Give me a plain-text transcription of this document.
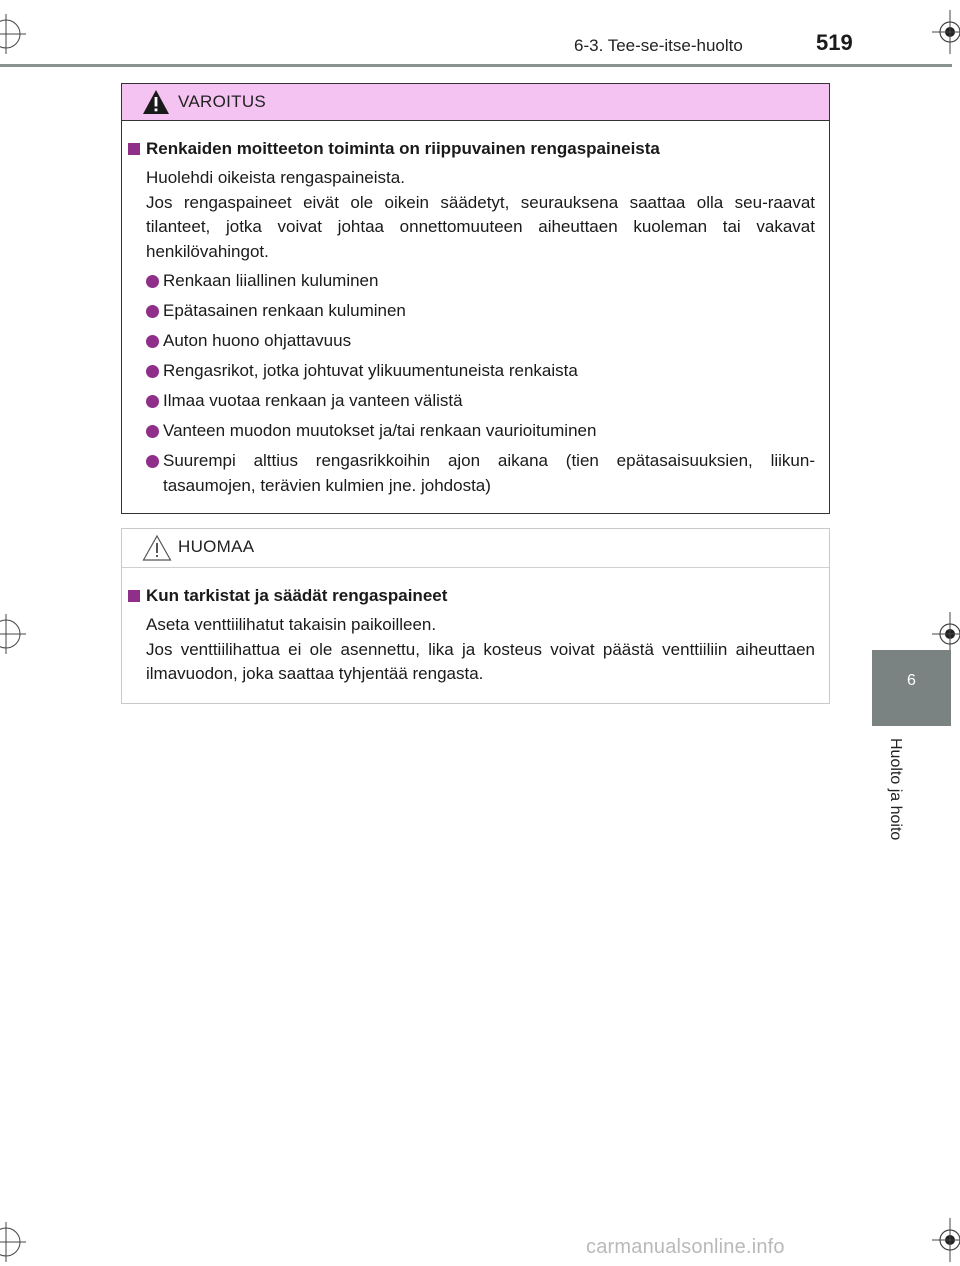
6-3. Tee-se-itse-huolto	519
6
Huolto ja hoito
VAROITUS
Renkaiden moitteeton toiminta on riippuvainen rengaspaineista
Huolehdi oikeista rengaspaineista.
Jos rengaspaineet eivät ole oikein säädetyt, seurauksena saattaa olla seu-raavat tilanteet, jotka voivat johtaa onnettomuuteen aiheuttaen kuoleman tai vakavat henkilövahingot.
Renkaan liiallinen kuluminen
Epätasainen renkaan kuluminen
Auton huono ohjattavuus
Rengasrikot, jotka johtuvat ylikuumentuneista renkaista
Ilmaa vuotaa renkaan ja vanteen välistä
Vanteen muodon muutokset ja/tai renkaan vaurioituminen
Suurempi alttius rengasrikkoihin ajon aikana (tien epätasaisuuksien, liikun-tasaumojen, terävien kulmien jne. johdosta)
HUOMAA
Kun tarkistat ja säädät rengaspaineet
Aseta venttiilihatut takaisin paikoilleen.
Jos venttiilihattua ei ole asennettu, lika ja kosteus voivat päästä venttiiliin aiheuttaen ilmavuodon, joka saattaa tyhjentää rengasta.
carmanualsonline.info
